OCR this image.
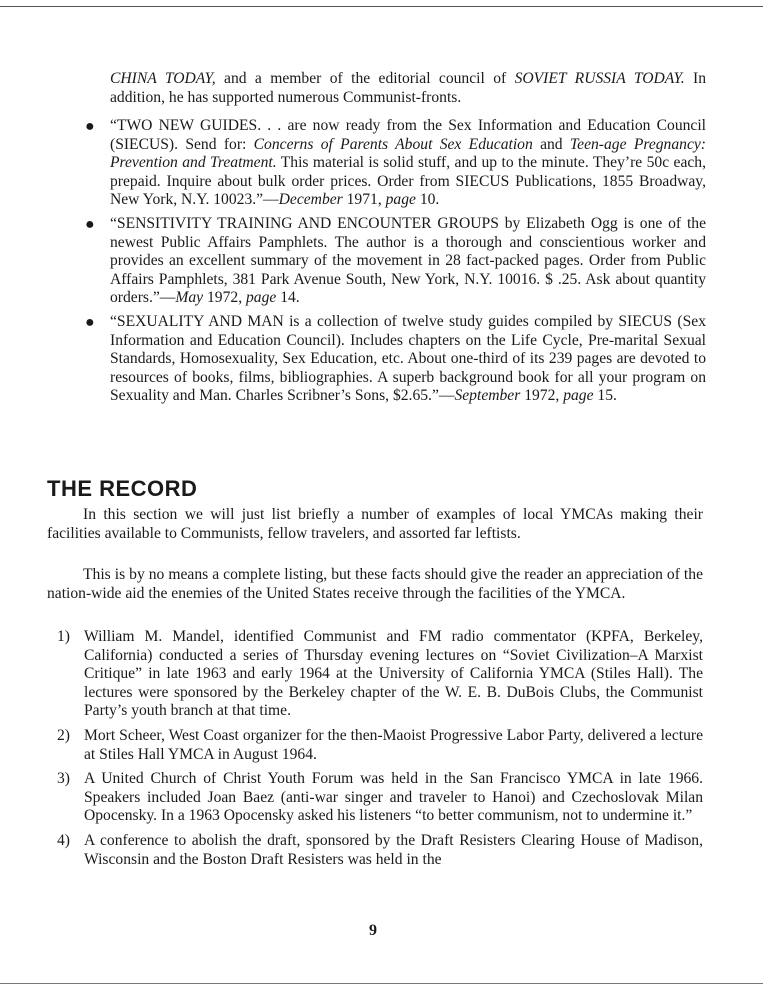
CHINA TODAY, and a member of the editorial council of SOVIET RUSSIA TODAY. In addition, he has supported numerous Communist-fronts.

● “TWO NEW GUIDES. . . are now ready from the Sex Information and Education Council (SIECUS). Send for: Concerns of Parents About Sex Education and Teen-age Pregnancy: Prevention and Treatment. This material is solid stuff, and up to the minute. They’re 50c each, prepaid. Inquire about bulk order prices. Order from SIECUS Publications, 1855 Broadway, New York, N.Y. 10023.”—December 1971, page 10.
● “SENSITIVITY TRAINING AND ENCOUNTER GROUPS by Elizabeth Ogg is one of the newest Public Affairs Pamphlets. The author is a thorough and conscientious worker and provides an excellent summary of the movement in 28 fact-packed pages. Order from Public Affairs Pamphlets, 381 Park Avenue South, New York, N.Y. 10016. $ .25. Ask about quantity orders.”—May 1972, page 14.
● “SEXUALITY AND MAN is a collection of twelve study guides compiled by SIECUS (Sex Information and Education Council). Includes chapters on the Life Cycle, Pre-marital Sexual Standards, Homosexuality, Sex Education, etc. About one-third of its 239 pages are devoted to resources of books, films, bibliographies. A superb background book for all your program on Sexuality and Man. Charles Scribner’s Sons, $2.65.”—September 1972, page 15.
THE RECORD

In this section we will just list briefly a number of examples of local YMCAs making their facilities available to Communists, fellow travelers, and assorted far leftists.

This is by no means a complete listing, but these facts should give the reader an appreciation of the nation-wide aid the enemies of the United States receive through the facilities of the YMCA.

1) William M. Mandel, identified Communist and FM radio commentator (KPFA, Berkeley, California) conducted a series of Thursday evening lectures on “Soviet Civilization–A Marxist Critique” in late 1963 and early 1964 at the University of California YMCA (Stiles Hall). The lectures were sponsored by the Berkeley chapter of the W. E. B. DuBois Clubs, the Communist Party’s youth branch at that time.
2) Mort Scheer, West Coast organizer for the then-Maoist Progressive Labor Party, delivered a lecture at Stiles Hall YMCA in August 1964.
3) A United Church of Christ Youth Forum was held in the San Francisco YMCA in late 1966. Speakers included Joan Baez (anti-war singer and traveler to Hanoi) and Czechoslovak Milan Opocensky. In a 1963 Opocensky asked his listeners “to better communism, not to undermine it.”
4) A conference to abolish the draft, sponsored by the Draft Resisters Clearing House of Madison, Wisconsin and the Boston Draft Resisters was held in the
9
